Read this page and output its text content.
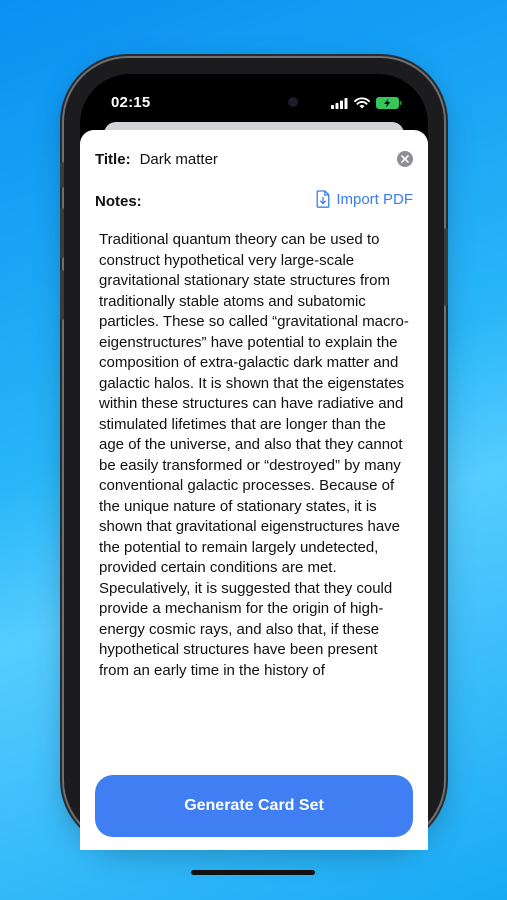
02:15
Title: Dark matter
Notes:	Import PDF
Traditional quantum theory can be used to construct hypothetical very large-scale gravitational stationary state structures from traditionally stable atoms and subatomic particles. These so called “gravitational macro- eigenstructures” have potential to explain the composition of extra-galactic dark matter and galactic halos. It is shown that the eigenstates within these structures can have radiative and stimulated lifetimes that are longer than the age of the universe, and also that they cannot be easily transformed or “destroyed” by many conventional galactic processes. Because of the unique nature of stationary states, it is shown that gravitational eigenstructures have the potential to remain largely undetected, provided certain conditions are met. Speculatively, it is suggested that they could provide a mechanism for the origin of high-energy cosmic rays, and also that, if these hypothetical structures have been present from an early time in the history of
Generate Card Set
